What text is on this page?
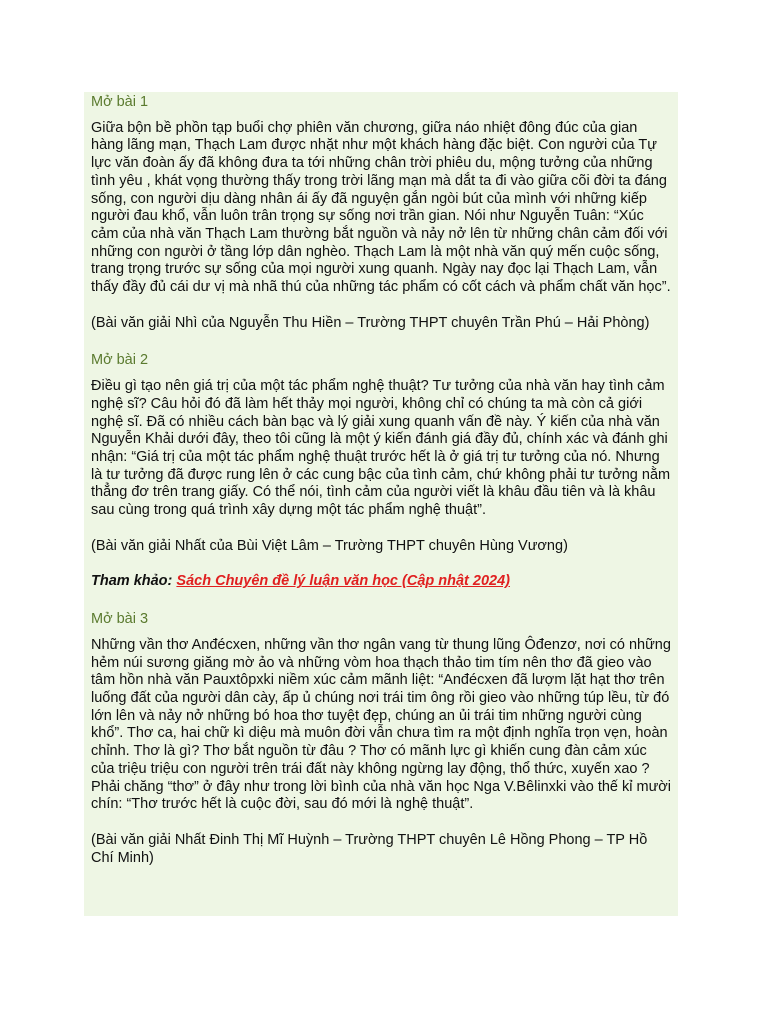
Mở bài 1

Giữa bộn bề phồn tạp buổi chợ phiên văn chương, giữa náo nhiệt đông đúc của gian hàng lãng mạn, Thạch Lam được nhặt như một khách hàng đặc biệt. Con người của Tự lực văn đoàn ấy đã không đưa ta tới những chân trời phiêu du, mộng tưởng của những tình yêu , khát vọng thường thấy trong trời lãng mạn mà dắt ta đi vào giữa cõi đời ta đáng sống, con người dịu dàng nhân ái ấy đã nguyện gắn ngòi bút của mình với những kiếp người đau khổ, vẫn luôn trân trọng sự sống nơi trần gian. Nói như Nguyễn Tuân: “Xúc cảm của nhà văn Thạch Lam thường bắt nguồn và nảy nở lên từ những chân cảm đối với những con người ở tầng lớp dân nghèo. Thạch Lam là một nhà văn quý mến cuộc sống, trang trọng trước sự sống của mọi người xung quanh. Ngày nay đọc lại Thạch Lam, vẫn thấy đầy đủ cái dư vị mà nhã thú của những tác phẩm có cốt cách và phẩm chất văn học”.

(Bài văn giải Nhì của Nguyễn Thu Hiền – Trường THPT chuyên Trần Phú – Hải Phòng)

Mở bài 2

Điều gì tạo nên giá trị của một tác phẩm nghệ thuật? Tư tưởng của nhà văn hay tình cảm nghệ sĩ? Câu hỏi đó đã làm hết thảy mọi người, không chỉ có chúng ta mà còn cả giới nghệ sĩ. Đã có nhiều cách bàn bạc và lý giải xung quanh vấn đề này. Ý kiến của nhà văn Nguyễn Khải dưới đây, theo tôi cũng là một ý kiến đánh giá đầy đủ, chính xác và đánh ghi nhận: “Giá trị của một tác phẩm nghệ thuật trước hết là ở giá trị tư tưởng của nó. Nhưng là tư tưởng đã được rung lên ở các cung bậc của tình cảm, chứ không phải tư tưởng nằm thẳng đơ trên trang giấy. Có thể nói, tình cảm của người viết là khâu đầu tiên và là khâu sau cùng trong quá trình xây dựng một tác phẩm nghệ thuật”.

(Bài văn giải Nhất của Bùi Việt Lâm – Trường THPT chuyên Hùng Vương)

Tham khảo: Sách Chuyên đề lý luận văn học (Cập nhật 2024)

Mở bài 3

Những vần thơ Anđécxen, những vần thơ ngân vang từ thung lũng Ôđenzơ, nơi có những hẻm núi sương giăng mờ ảo và những vòm hoa thạch thảo tim tím nên thơ đã gieo vào tâm hồn nhà văn Pauxtôpxki niềm xúc cảm mãnh liệt: “Anđécxen đã lượm lặt hạt thơ trên luống đất của người dân cày, ấp ủ chúng nơi trái tim ông rồi gieo vào những túp lều, từ đó lớn lên và nảy nở những bó hoa thơ tuyệt đẹp, chúng an ủi trái tim những người cùng khổ”. Thơ ca, hai chữ kì diệu mà muôn đời vẫn chưa tìm ra một định nghĩa trọn vẹn, hoàn chỉnh. Thơ là gì? Thơ bắt nguồn từ đâu ? Thơ có mãnh lực gì khiến cung đàn cảm xúc của triệu triệu con người trên trái đất này không ngừng lay động, thổ thức, xuyến xao ? Phải chăng “thơ” ở đây như trong lời bình của nhà văn học Nga V.Bêlinxki vào thế kỉ mười chín: “Thơ trước hết là cuộc đời, sau đó mới là nghệ thuật”.

(Bài văn giải Nhất Đinh Thị Mĩ Huỳnh – Trường THPT chuyên Lê Hồng Phong – TP Hồ Chí Minh)
